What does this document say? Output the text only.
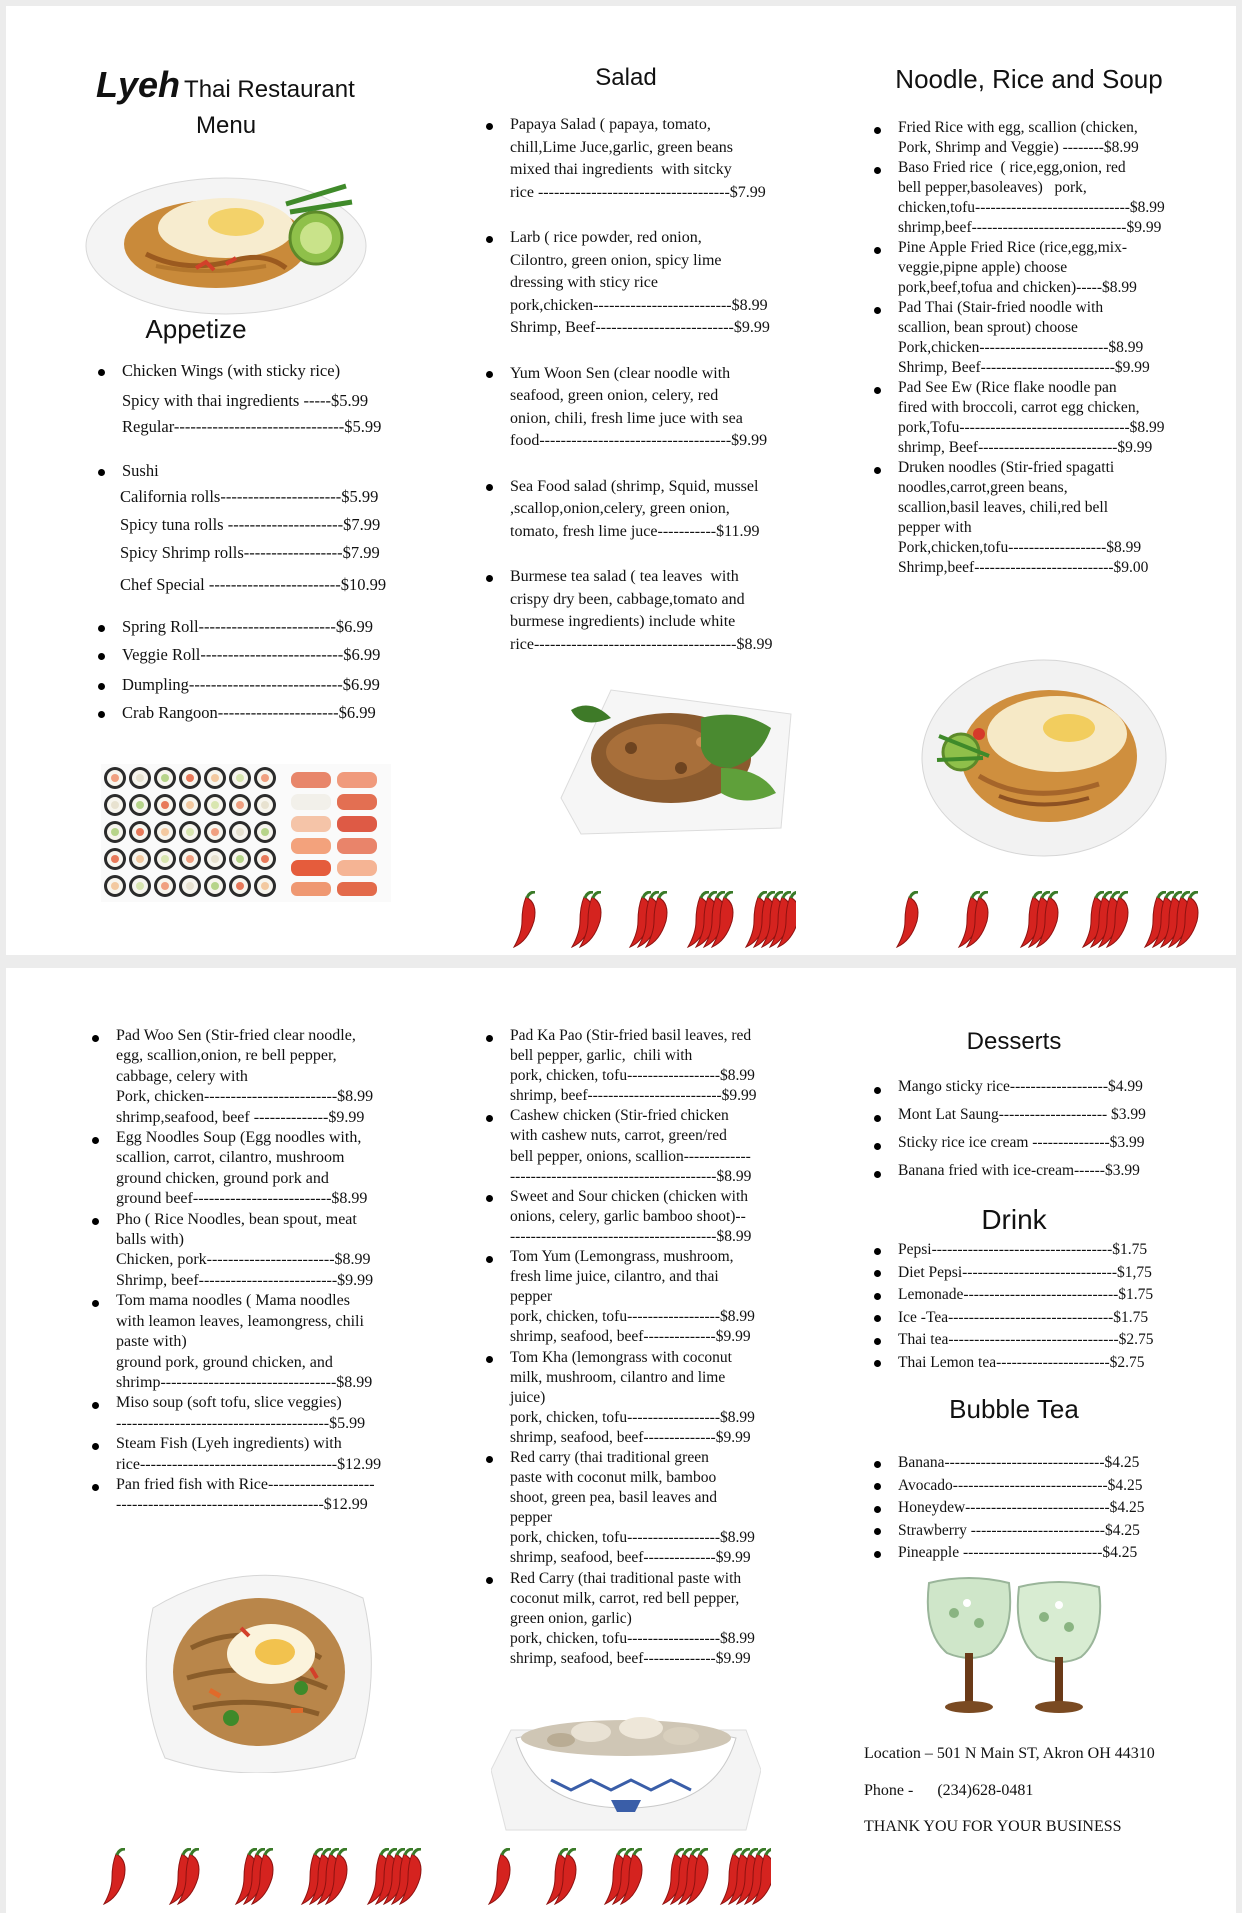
Lyeh Thai Restaurant
Menu
Appetize
Chicken Wings (with sticky rice)
Spicy with thai ingredients -----$5.99
Regular-------------------------------$5.99
Sushi
California rolls----------------------$5.99
Spicy tuna rolls ---------------------$7.99
Spicy Shrimp rolls------------------$7.99
Chef Special ------------------------$10.99
Spring Roll-------------------------$6.99
Veggie Roll--------------------------$6.99
Dumpling----------------------------$6.99
Crab Rangoon----------------------$6.99
Salad
Papaya Salad ( papaya, tomato,
chill,Lime Juce,garlic, green beans
mixed thai ingredients  with sitcky
rice ------------------------------------$7.99
Larb ( rice powder, red onion,
Cilontro, green onion, spicy lime
dressing with sticy rice
pork,chicken--------------------------$8.99
Shrimp, Beef--------------------------$9.99
Yum Woon Sen (clear noodle with
seafood, green onion, celery, red
onion, chili, fresh lime juce with sea
food------------------------------------$9.99
Sea Food salad (shrimp, Squid, mussel
,scallop,onion,celery, green onion,
tomato, fresh lime juce-----------$11.99
Burmese tea salad ( tea leaves  with
crispy dry been, cabbage,tomato and
burmese ingredients) include white
rice--------------------------------------$8.99
Noodle, Rice and Soup
Fried Rice with egg, scallion (chicken,
Pork, Shrimp and Veggie) --------$8.99
Baso Fried rice  ( rice,egg,onion, red
bell pepper,basoleaves)   pork,
chicken,tofu------------------------------$8.99
shrimp,beef------------------------------$9.99
Pine Apple Fried Rice (rice,egg,mix-
veggie,pipne apple) choose
pork,beef,tofua and chicken)-----$8.99
Pad Thai (Stair-fried noodle with
scallion, bean sprout) choose
Pork,chicken-------------------------$8.99
Shrimp, Beef--------------------------$9.99
Pad See Ew (Rice flake noodle pan
fired with broccoli, carrot egg chicken,
pork,Tofu---------------------------------$8.99
shrimp, Beef---------------------------$9.99
Druken noodles (Stir-fried spagatti
noodles,carrot,green beans,
scallion,basil leaves, chili,red bell
pepper with
Pork,chicken,tofu-------------------$8.99
Shrimp,beef---------------------------$9.00
Pad Woo Sen (Stir-fried clear noodle,
egg, scallion,onion, re bell pepper,
cabbage, celery with
Pork, chicken-------------------------$8.99
shrimp,seafood, beef --------------$9.99
Egg Noodles Soup (Egg noodles with,
scallion, carrot, cilantro, mushroom
ground chicken, ground pork and
ground beef--------------------------$8.99
Pho ( Rice Noodles, bean spout, meat
balls with)
Chicken, pork------------------------$8.99
Shrimp, beef--------------------------$9.99
Tom mama noodles ( Mama noodles
with leamon leaves, leamongress, chili
paste with)
ground pork, ground chicken, and
shrimp---------------------------------$8.99
Miso soup (soft tofu, slice veggies)
----------------------------------------$5.99
Steam Fish (Lyeh ingredients) with
rice-------------------------------------$12.99
Pan fried fish with Rice--------------------
---------------------------------------$12.99
Pad Ka Pao (Stir-fried basil leaves, red
bell pepper, garlic,  chili with
pork, chicken, tofu------------------$8.99
shrimp, beef--------------------------$9.99
Cashew chicken (Stir-fried chicken
with cashew nuts, carrot, green/red
bell pepper, onions, scallion-------------
----------------------------------------$8.99
Sweet and Sour chicken (chicken with
onions, celery, garlic bamboo shoot)--
----------------------------------------$8.99
Tom Yum (Lemongrass, mushroom,
fresh lime juice, cilantro, and thai
pepper
pork, chicken, tofu------------------$8.99
shrimp, seafood, beef--------------$9.99
Tom Kha (lemongrass with coconut
milk, mushroom, cilantro and lime
juice)
pork, chicken, tofu------------------$8.99
shrimp, seafood, beef--------------$9.99
Red carry (thai traditional green
paste with coconut milk, bamboo
shoot, green pea, basil leaves and
pepper
pork, chicken, tofu------------------$8.99
shrimp, seafood, beef--------------$9.99
Red Carry (thai traditional paste with
coconut milk, carrot, red bell pepper,
green onion, garlic)
pork, chicken, tofu------------------$8.99
shrimp, seafood, beef--------------$9.99
Desserts
Mango sticky rice-------------------$4.99
Mont Lat Saung--------------------- $3.99
Sticky rice ice cream ---------------$3.99
Banana fried with ice-cream------$3.99
Drink
Pepsi-----------------------------------$1.75
Diet Pepsi------------------------------$1,75
Lemonade------------------------------$1.75
Ice -Tea--------------------------------$1.75
Thai tea---------------------------------$2.75
Thai Lemon tea----------------------$2.75
Bubble Tea
Banana-------------------------------$4.25
Avocado------------------------------$4.25
Honeydew----------------------------$4.25
Strawberry --------------------------$4.25
Pineapple ---------------------------$4.25
Location – 501 N Main ST, Akron OH 44310
Phone - (234)628-0481
THANK YOU FOR YOUR BUSINESS
